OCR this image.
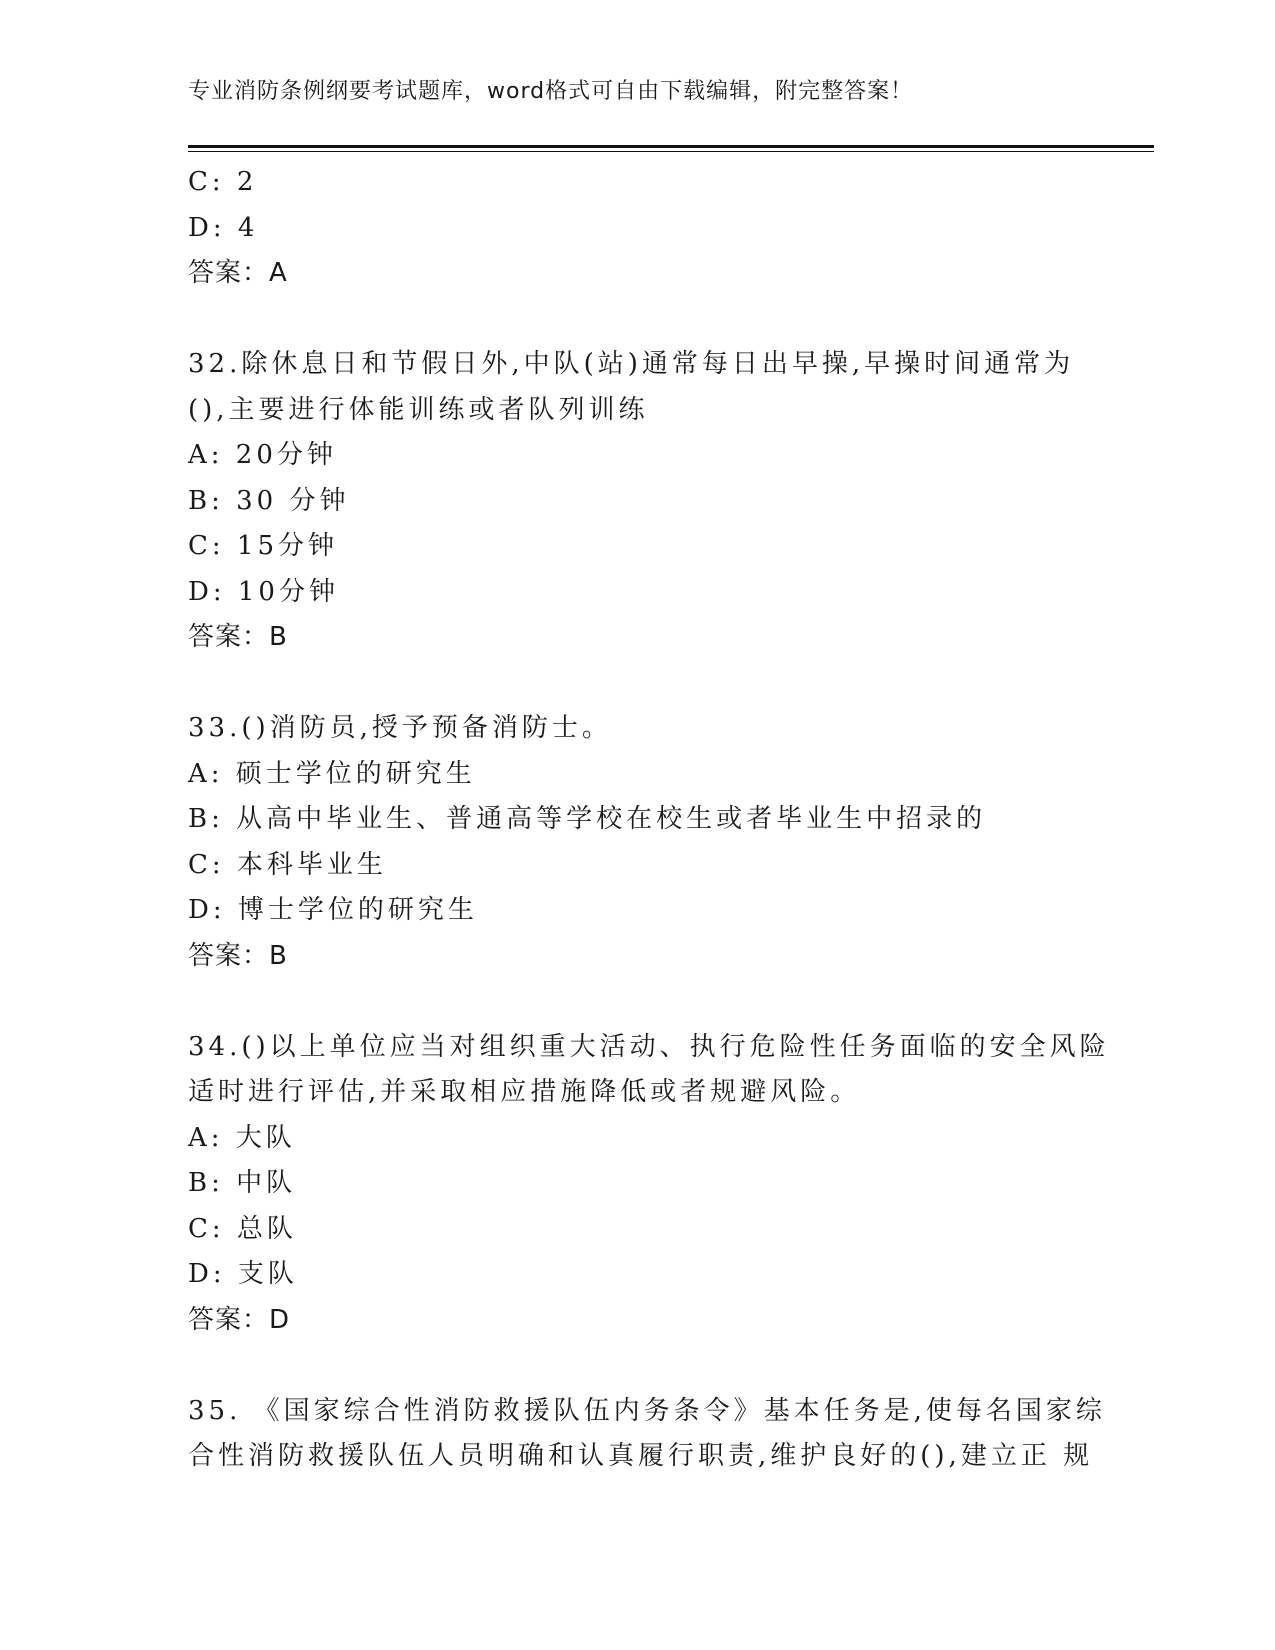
专业消防条例纲要考试题库，word格式可自由下载编辑，附完整答案！
C: 2
D: 4
答案：A
32.除休息日和节假日外,中队(站)通常每日出早操,早操时间通常为
(),主要进行体能训练或者队列训练
A: 20分钟
B: 30 分钟
C: 15分钟
D: 10分钟
答案：B
33.()消防员,授予预备消防士。
A: 硕士学位的研究生
B: 从高中毕业生、普通高等学校在校生或者毕业生中招录的
C: 本科毕业生
D: 博士学位的研究生
答案：B
34.()以上单位应当对组织重大活动、执行危险性任务面临的安全风险
适时进行评估,并采取相应措施降低或者规避风险。
A: 大队
B: 中队
C: 总队
D: 支队
答案：D
35. 《国家综合性消防救援队伍内务条令》基本任务是,使每名国家综
合性消防救援队伍人员明确和认真履行职责,维护良好的(),建立正 规
